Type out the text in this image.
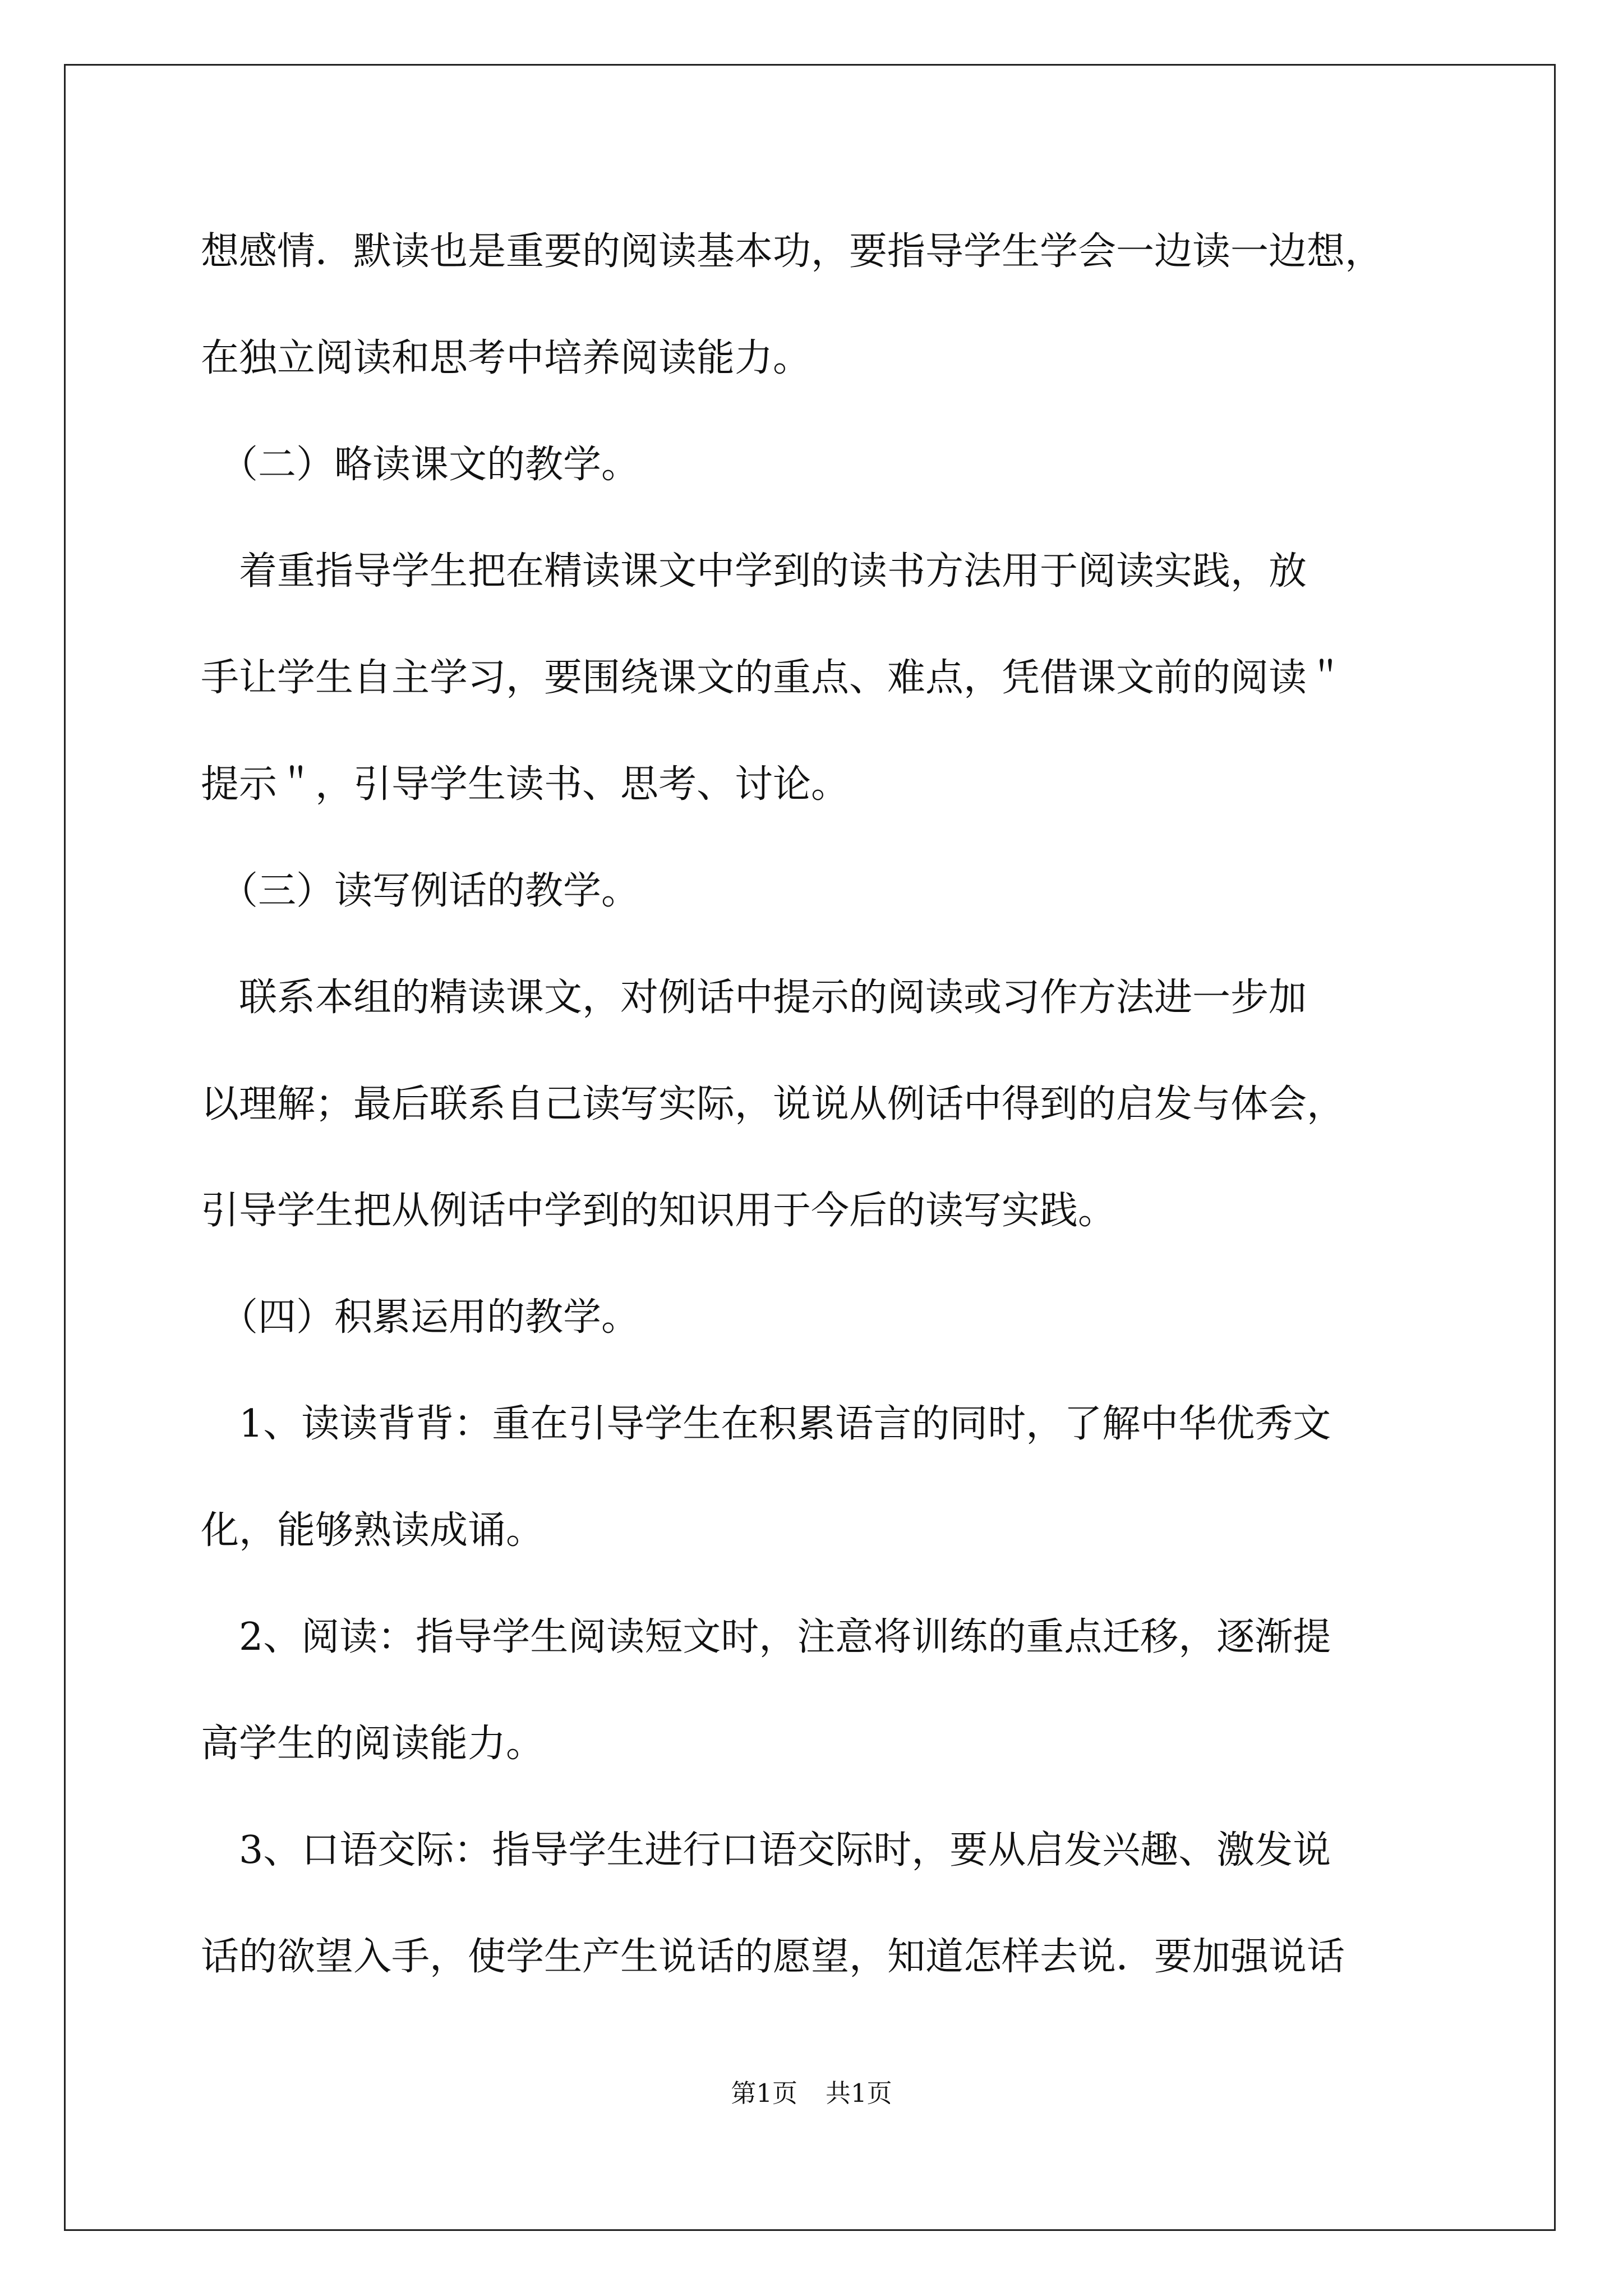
想感情．默读也是重要的阅读基本功，要指导学生学会一边读一边想，

在独立阅读和思考中培养阅读能力。

　（二）略读课文的教学。

　着重指导学生把在精读课文中学到的读书方法用于阅读实践，放

手让学生自主学习，要围绕课文的重点、难点，凭借课文前的阅读＂

提示＂，引导学生读书、思考、讨论。

　（三）读写例话的教学。

　联系本组的精读课文，对例话中提示的阅读或习作方法进一步加

以理解；最后联系自己读写实际，说说从例话中得到的启发与体会，

引导学生把从例话中学到的知识用于今后的读写实践。

　（四）积累运用的教学。

　1、读读背背：重在引导学生在积累语言的同时，了解中华优秀文

化，能够熟读成诵。

　2、阅读：指导学生阅读短文时，注意将训练的重点迁移，逐渐提

高学生的阅读能力。

　3、口语交际：指导学生进行口语交际时，要从启发兴趣、激发说

话的欲望入手，使学生产生说话的愿望，知道怎样去说．要加强说话

第1页 共1页
